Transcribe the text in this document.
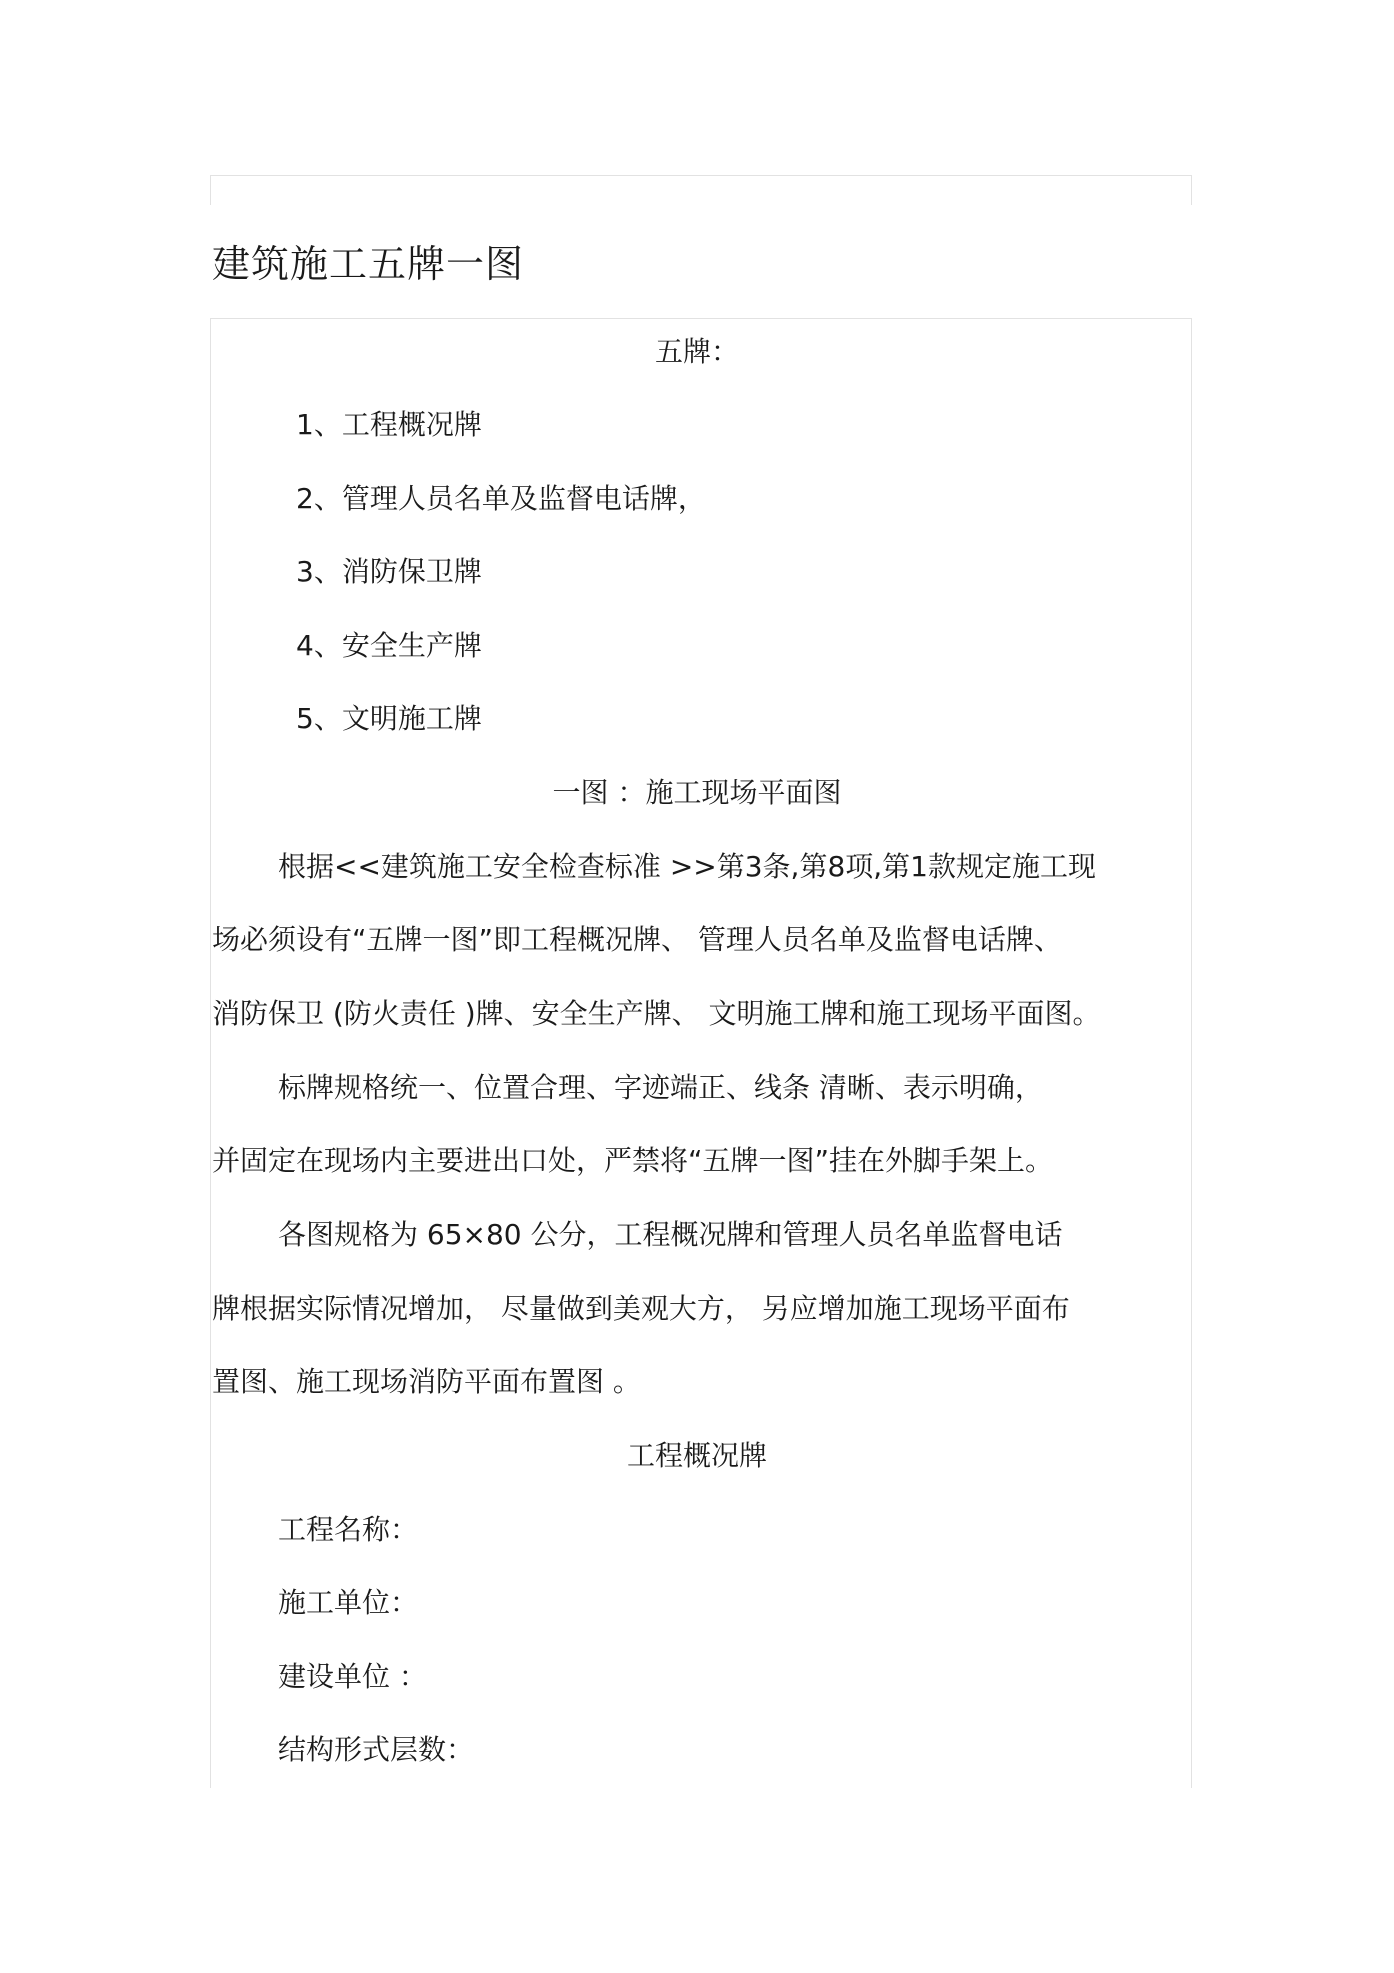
建筑施工五牌一图

五牌：

1、工程概况牌

2、管理人员名单及监督电话牌，

3、消防保卫牌

4、安全生产牌

5、文明施工牌

一图 ：施工现场平面图

根据<<建筑施工安全检查标准 >>第3条,第8项,第1款规定施工现

场必须设有“五牌一图”即工程概况牌、 管理人员名单及监督电话牌、

消防保卫 (防火责任 )牌、安全生产牌、 文明施工牌和施工现场平面图。

标牌规格统一、位置合理、字迹端正、线条 清晰、表示明确，

并固定在现场内主要进出口处，严禁将“五牌一图”挂在外脚手架上。

各图规格为 65×80 公分，工程概况牌和管理人员名单监督电话

牌根据实际情况增加， 尽量做到美观大方， 另应增加施工现场平面布

置图、施工现场消防平面布置图 。

工程概况牌

工程名称：

施工单位：

建设单位 ：

结构形式层数：
